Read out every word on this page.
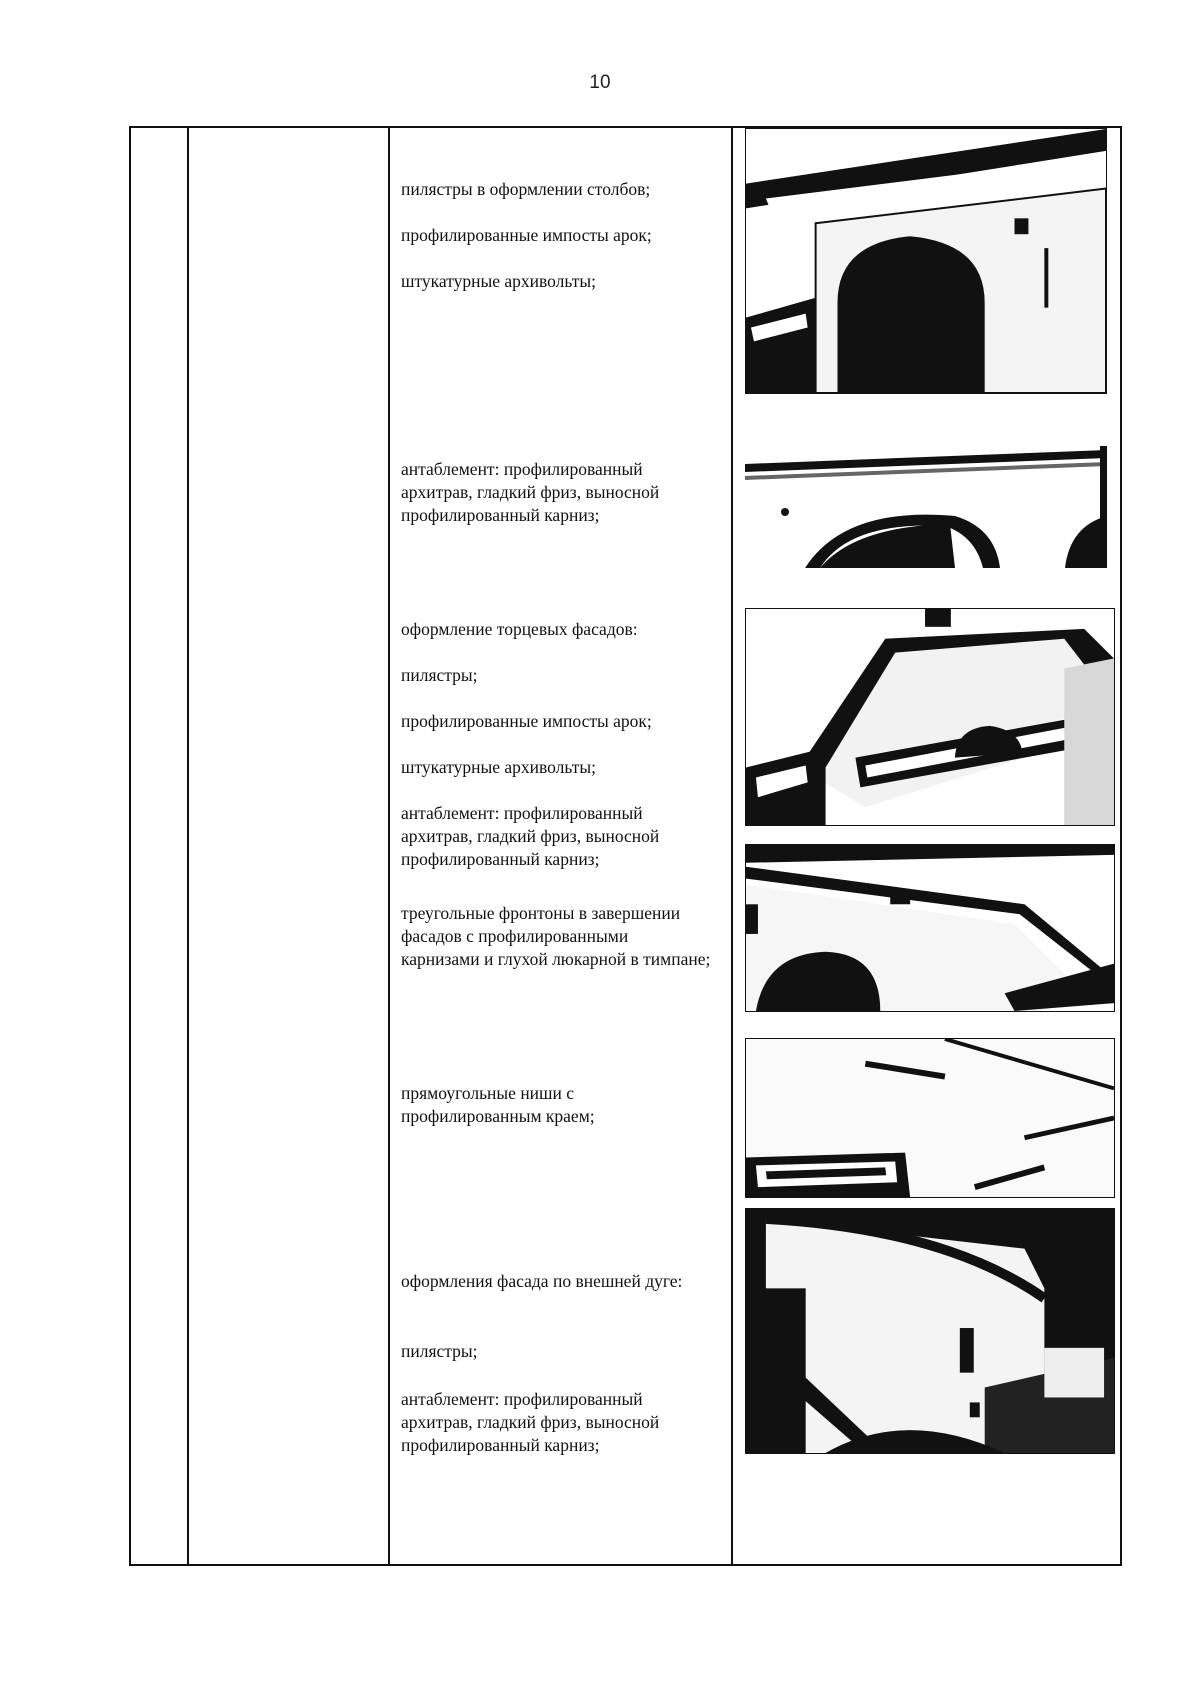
10

пилястры в оформлении столбов;

профилированные импосты арок;

штукатурные архивольты;

антаблемент: профилированный архитрав, гладкий фриз, выносной профилированный карниз;

оформление торцевых фасадов:

пилястры;

профилированные импосты арок;

штукатурные архивольты;

антаблемент: профилированный архитрав, гладкий фриз, выносной профилированный карниз;

треугольные фронтоны в завершении фасадов с профилированными карнизами и глухой люкарной в тимпане;

прямоугольные ниши с профилированным краем;

оформления фасада по внешней дуге:

пилястры;

антаблемент: профилированный архитрав, гладкий фриз, выносной профилированный карниз;
